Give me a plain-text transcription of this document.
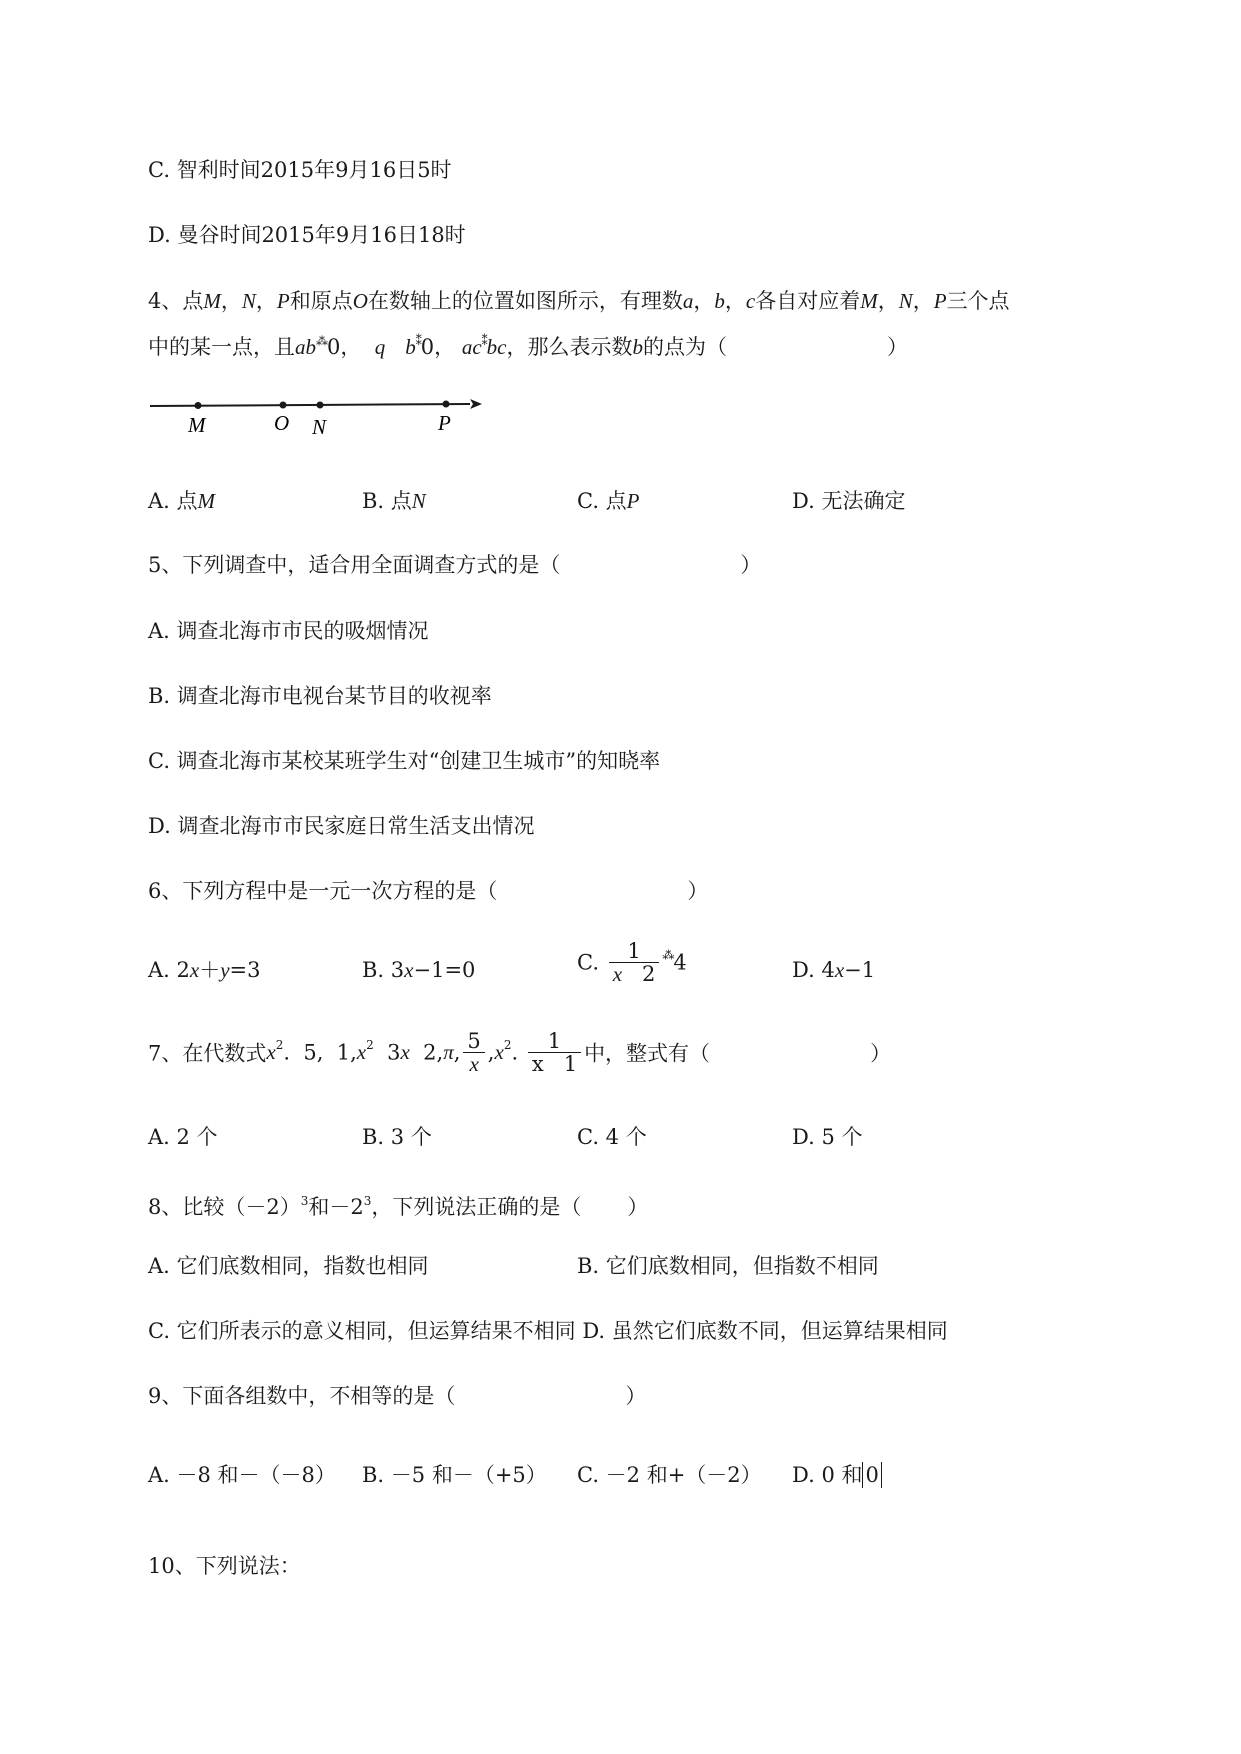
C. 智利时间2015年9月16日5时
D. 曼谷时间2015年9月16日18时
4、点M，N，P和原点O在数轴上的位置如图所示，有理数a，b，c各自对应着M，N，P三个点
中的某一点，且ab⁂0， q b⁑0， ac⁑bc，那么表示数b的点为（	）
M	O N	P
A. 点M	B. 点N	C. 点P	D. 无法确定
5、下列调查中，适合用全面调查方式的是（	）
A. 调查北海市市民的吸烟情况
B. 调查北海市电视台某节目的收视率
C. 调查北海市某校某班学生对“创建卫生城市”的知晓率
D. 调查北海市市民家庭日常生活支出情况
6、下列方程中是一元一次方程的是（	）
A. 2x＋y=3	B. 3x−1=0	C. $\frac{1}{x 2} ^⁂4$	D. 4x−1
7、在代数式$x^2$.  5,  $1,x^2$  3x  2,π, $\frac{5}{x} ,x^2$. $\frac{1}{x 1}$ 中，整式有（	）
A. 2 个	B. 3 个	C. 4 个	D. 5 个
8、比较$(-2)^3$和$-2^3$，下列说法正确的是（ ）
A. 它们底数相同，指数也相同	B. 它们底数相同，但指数不相同
C. 它们所表示的意义相同，但运算结果不相同 D. 虽然它们底数不同，但运算结果相同
9、下面各组数中，不相等的是（	）
A. －8 和－（－8） B. －5 和－（+5） C. －2 和+（－2） D. 0 和 0
10、下列说法：
